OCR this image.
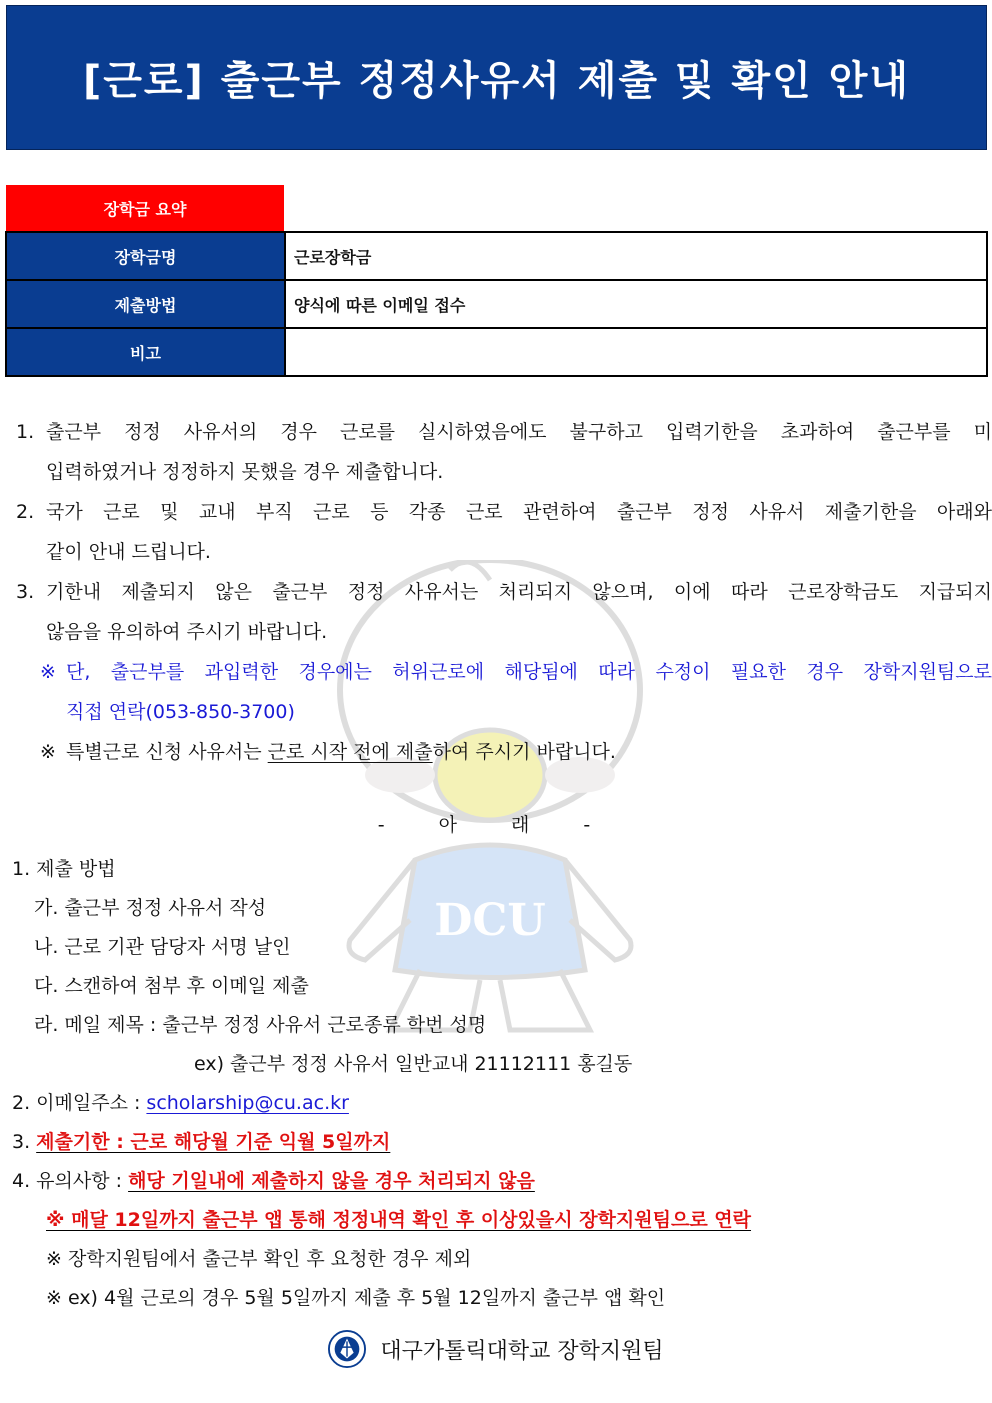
[근로] 출근부 정정사유서 제출 및 확인 안내
DCU
장학금 요약
장학금명	근로장학금
제출방법	양식에 따른 이메일 접수
비고	
1. 출근부 정정 사유서의 경우 근로를 실시하였음에도 불구하고 입력기한을 초과하여 출근부를 미
입력하였거나 정정하지 못했을 경우 제출합니다.
2. 국가 근로 및 교내 부직 근로 등 각종 근로 관련하여 출근부 정정 사유서 제출기한을 아래와
같이 안내 드립니다.
3. 기한내 제출되지 않은 출근부 정정 사유서는 처리되지 않으며, 이에 따라 근로장학금도 지급되지
않음을 유의하여 주시기 바랍니다.
※ 단, 출근부를 과입력한 경우에는 허위근로에 해당됨에 따라 수정이 필요한 경우 장학지원팀으로
직접 연락(053-850-3700)
※ 특별근로 신청 사유서는 근로 시작 전에 제출하여 주시기 바랍니다.
- 아 래 -
1. 제출 방법
가. 출근부 정정 사유서 작성
나. 근로 기관 담당자 서명 날인
다. 스캔하여 첨부 후 이메일 제출
라. 메일 제목 : 출근부 정정 사유서 근로종류 학번 성명
ex) 출근부 정정 사유서 일반교내 21112111 홍길동
2. 이메일주소 : scholarship@cu.ac.kr
3. 제출기한 : 근로 해당월 기준 익월 5일까지
4. 유의사항 : 해당 기일내에 제출하지 않을 경우 처리되지 않음
※ 매달 12일까지 출근부 앱 통해 정정내역 확인 후 이상있을시 장학지원팀으로 연락
※ 장학지원팀에서 출근부 확인 후 요청한 경우 제외
※ ex) 4월 근로의 경우 5월 5일까지 제출 후 5월 12일까지 출근부 앱 확인
대구가톨릭대학교 장학지원팀
